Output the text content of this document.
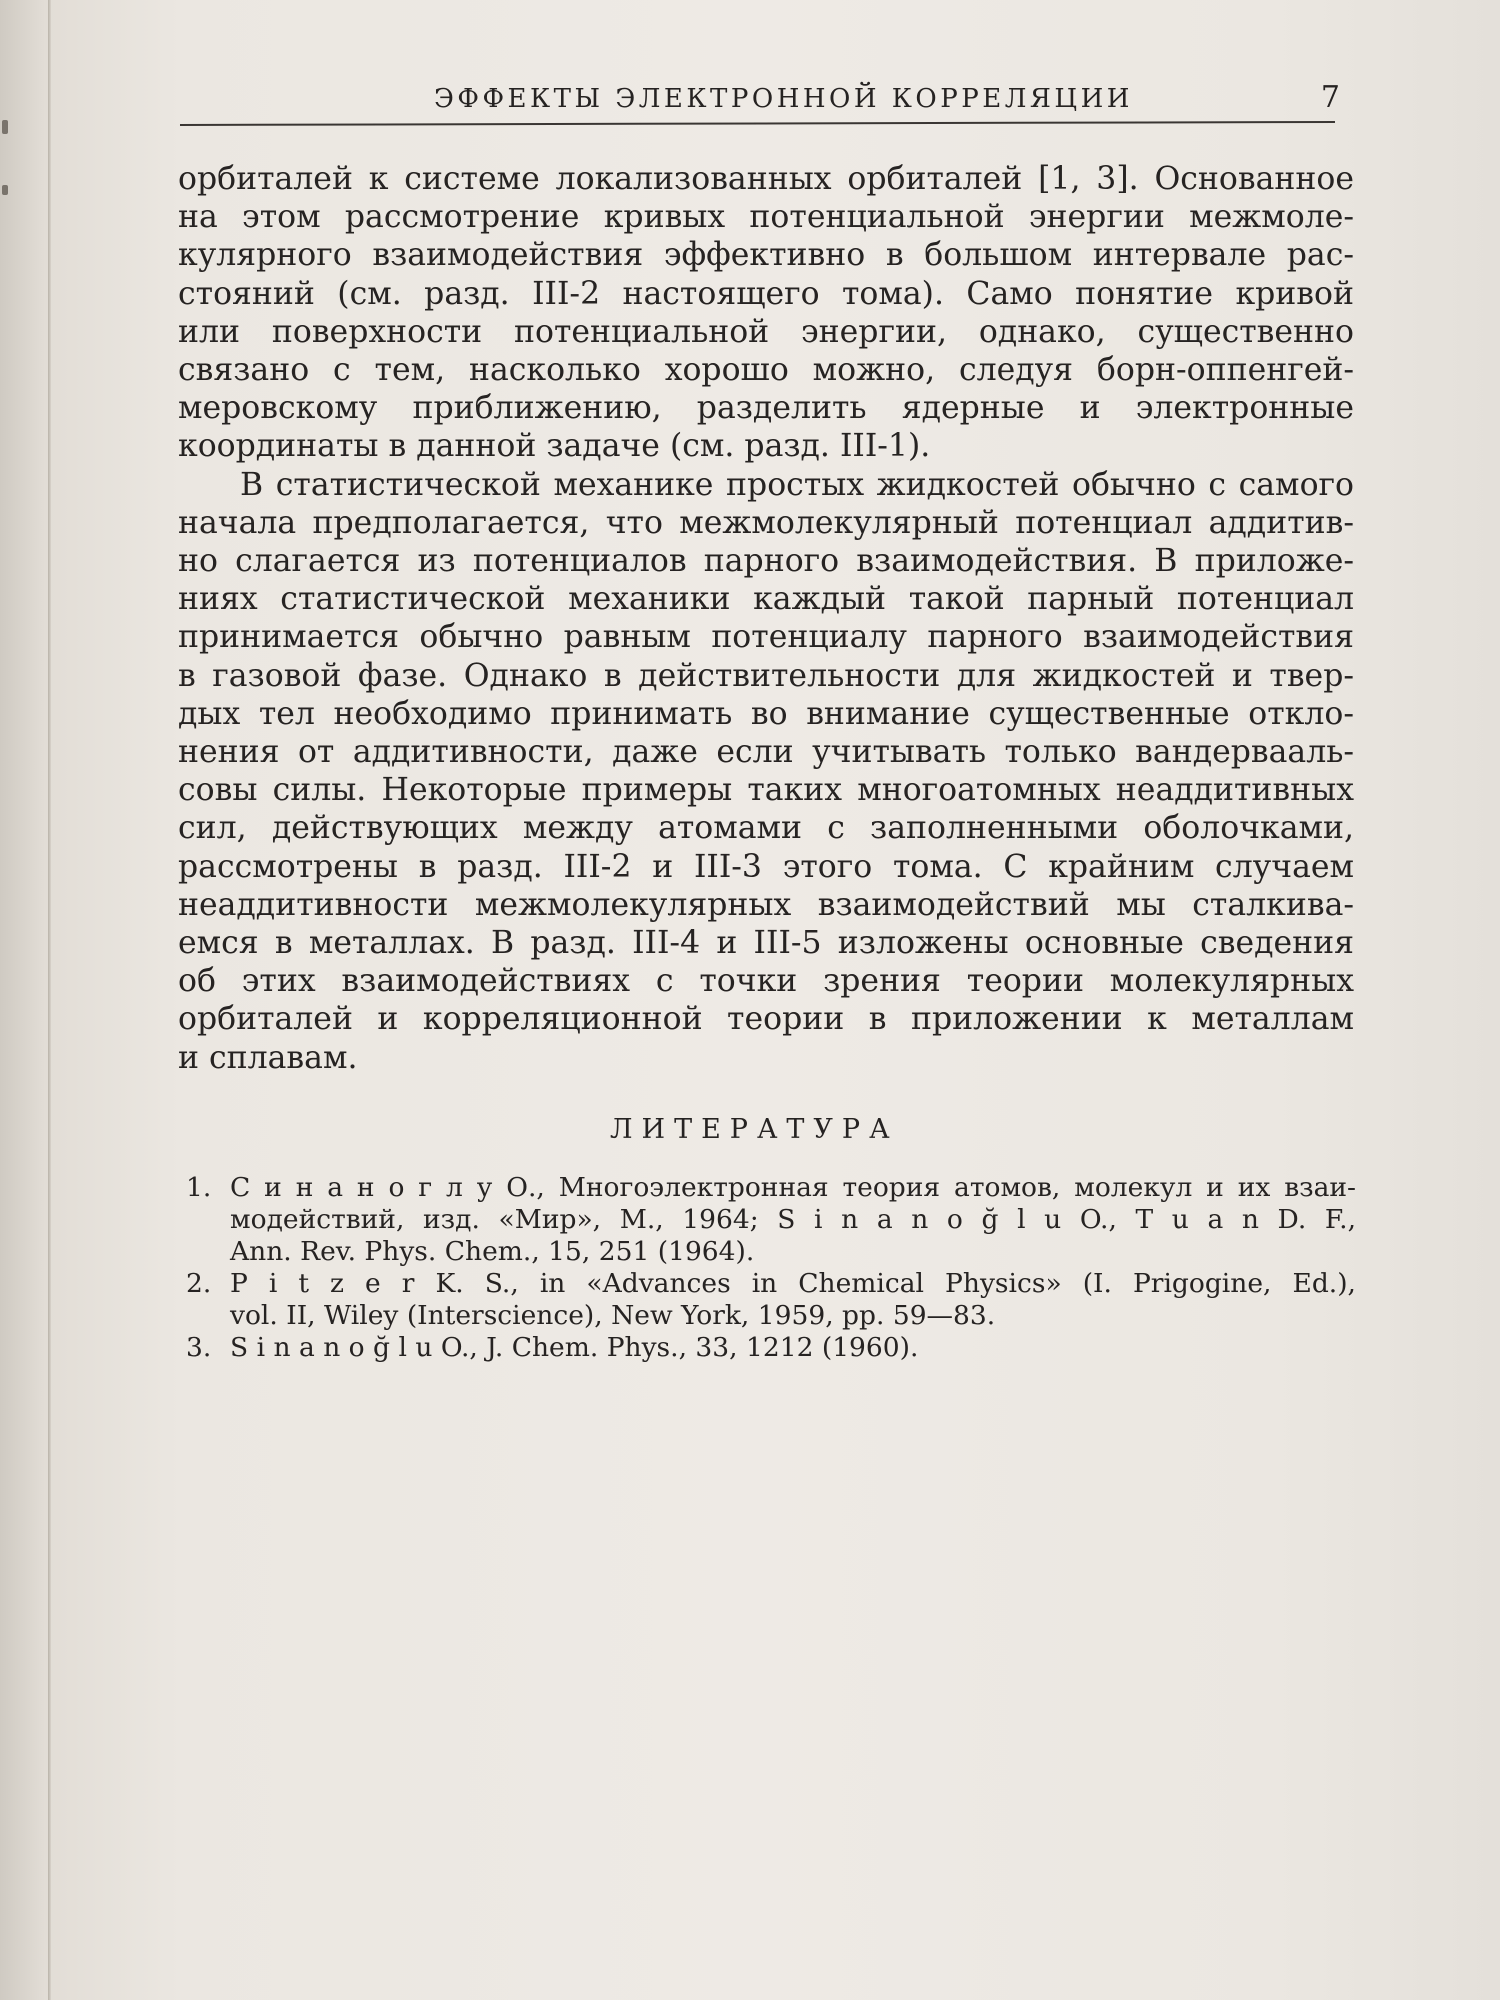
ЭФФЕКТЫ ЭЛЕКТРОННОЙ КОРРЕЛЯЦИИ	7
орбиталей к системе локализованных орбиталей [1, 3]. Основанное
на этом рассмотрение кривых потенциальной энергии межмоле-
кулярного взаимодействия эффективно в большом интервале рас-
стояний (см. разд. III-2 настоящего тома). Само понятие кривой
или поверхности потенциальной энергии, однако, существенно
связано с тем, насколько хорошо можно, следуя борн-оппенгей-
меровскому приближению, разделить ядерные и электронные
координаты в данной задаче (см. разд. III-1).
В статистической механике простых жидкостей обычно с самого
начала предполагается, что межмолекулярный потенциал аддитив-
но слагается из потенциалов парного взаимодействия. В приложе-
ниях статистической механики каждый такой парный потенциал
принимается обычно равным потенциалу парного взаимодействия
в газовой фазе. Однако в действительности для жидкостей и твер-
дых тел необходимо принимать во внимание существенные откло-
нения от аддитивности, даже если учитывать только вандервааль-
совы силы. Некоторые примеры таких многоатомных неаддитивных
сил, действующих между атомами с заполненными оболочками,
рассмотрены в разд. III-2 и III-3 этого тома. С крайним случаем
неаддитивности межмолекулярных взаимодействий мы сталкива-
емся в металлах. В разд. III-4 и III-5 изложены основные сведения
об этих взаимодействиях с точки зрения теории молекулярных
орбиталей и корреляционной теории в приложении к металлам
и сплавам.
ЛИТЕРАТУРА
1. С и н а н о г л у О., Многоэлектронная теория атомов, молекул и их взаи-
модействий, изд. «Мир», М., 1964; S i n a n o ğ l u O., T u a n D. F.,
Ann. Rev. Phys. Chem., 15, 251 (1964).
2. P i t z e r K. S., in «Advances in Chemical Physics» (I. Prigogine, Ed.),
vol. II, Wiley (Interscience), New York, 1959, pp. 59—83.
3. S i n a n o ğ l u O., J. Chem. Phys., 33, 1212 (1960).
